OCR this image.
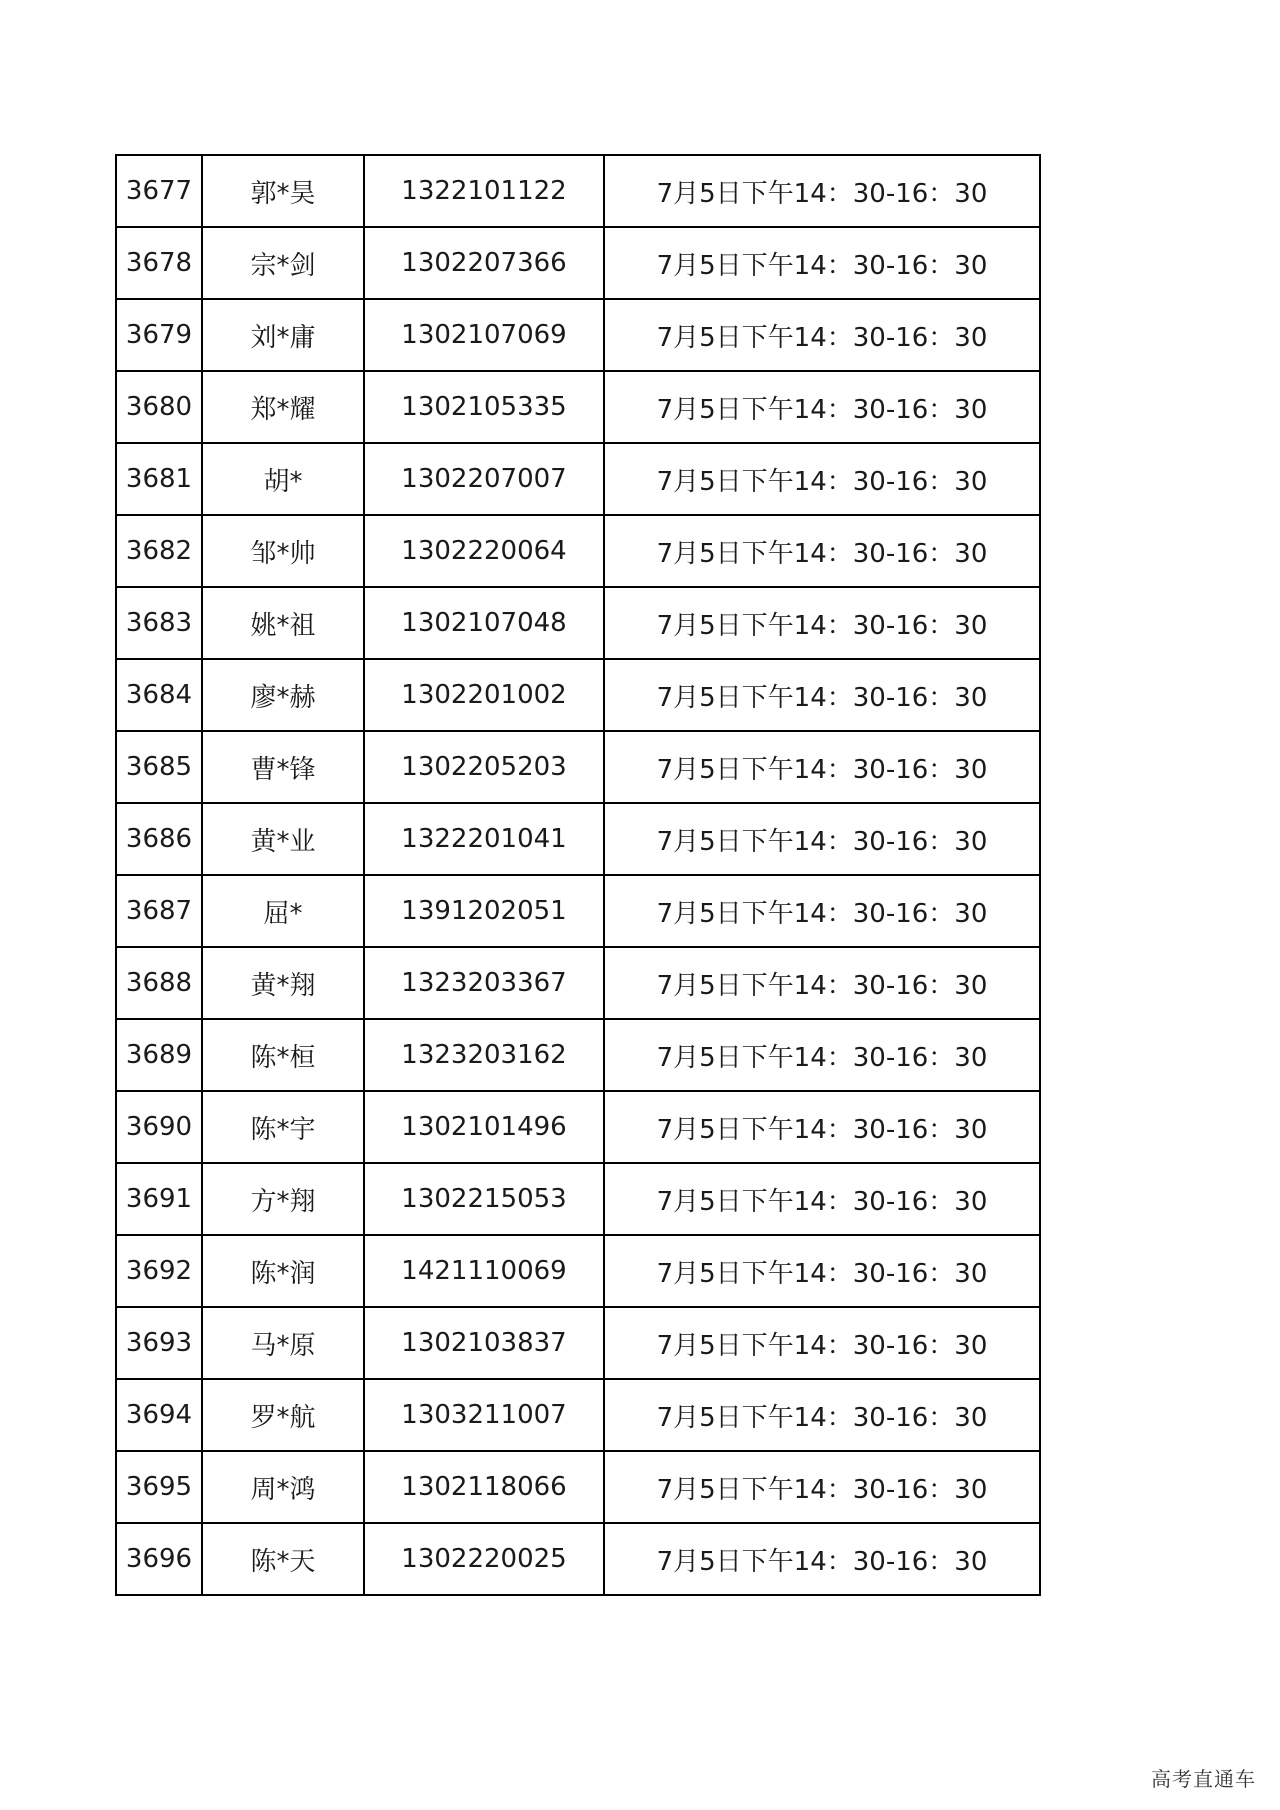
3677	郭*昊	1322101122	7月5日下午14：30-16：30
3678	宗*剑	1302207366	7月5日下午14：30-16：30
3679	刘*庸	1302107069	7月5日下午14：30-16：30
3680	郑*耀	1302105335	7月5日下午14：30-16：30
3681	胡*	1302207007	7月5日下午14：30-16：30
3682	邹*帅	1302220064	7月5日下午14：30-16：30
3683	姚*祖	1302107048	7月5日下午14：30-16：30
3684	廖*赫	1302201002	7月5日下午14：30-16：30
3685	曹*锋	1302205203	7月5日下午14：30-16：30
3686	黄*业	1322201041	7月5日下午14：30-16：30
3687	屈*	1391202051	7月5日下午14：30-16：30
3688	黄*翔	1323203367	7月5日下午14：30-16：30
3689	陈*桓	1323203162	7月5日下午14：30-16：30
3690	陈*宇	1302101496	7月5日下午14：30-16：30
3691	方*翔	1302215053	7月5日下午14：30-16：30
3692	陈*润	1421110069	7月5日下午14：30-16：30
3693	马*原	1302103837	7月5日下午14：30-16：30
3694	罗*航	1303211007	7月5日下午14：30-16：30
3695	周*鸿	1302118066	7月5日下午14：30-16：30
3696	陈*天	1302220025	7月5日下午14：30-16：30
高考直通车
